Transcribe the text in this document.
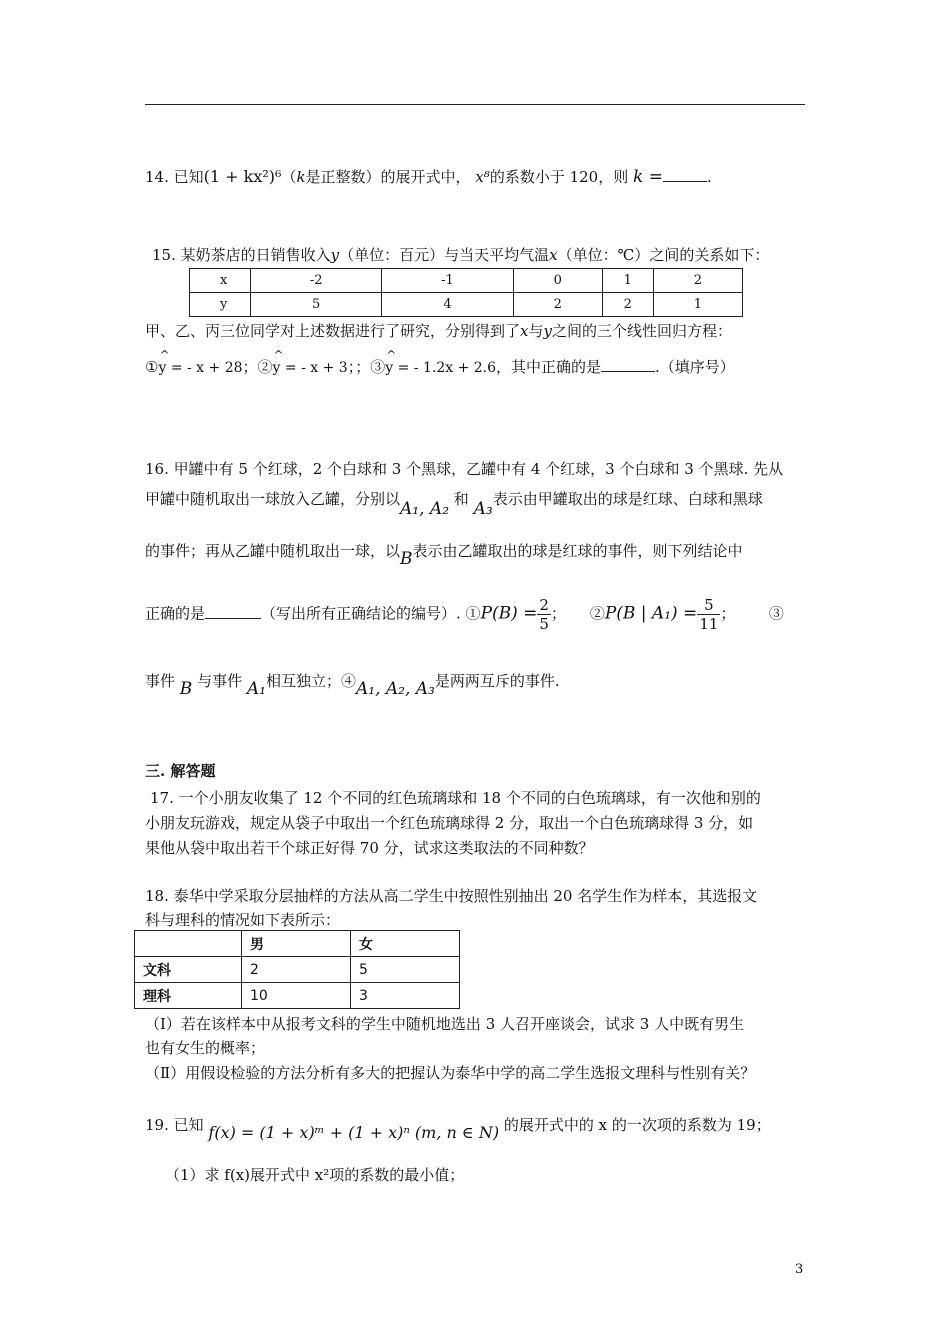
14. 已知(1 + kx²)⁶（k是正整数）的展开式中， x⁸的系数小于 120，则 k =	.
15. 某奶茶店的日销售收入y（单位：百元）与当天平均气温x（单位：℃）之间的关系如下：
x	-2	-1	0	1	2
y	5	4	2	2	1
甲、乙、丙三位同学对上述数据进行了研究，分别得到了x与y之间的三个线性回归方程：
①^ y = - x + 28；②^ y = - x + 3；；③^ y = - 1.2x + 2.6，其中正确的是	.（填序号）
16. 甲罐中有 5 个红球，2 个白球和 3 个黑球，乙罐中有 4 个红球，3 个白球和 3 个黑球. 先从
甲罐中随机取出一球放入乙罐，分别以A₁, A₂ 和 A₃表示由甲罐取出的球是红球、白球和黑球
的事件；再从乙罐中随机取出一球，以B表示由乙罐取出的球是红球的事件，则下列结论中
正确的是	（写出所有正确结论的编号）. ①P(B) = $\frac{2}{5}$ ； ②P(B | $A_1) = \frac{5}{11}$ ； ③
事件 B 与事件 A₁相互独立；④A₁, A₂, A₃是两两互斥的事件.
三. 解答题
17. 一个小朋友收集了 12 个不同的红色琉璃球和 18 个不同的白色琉璃球，有一次他和别的
小朋友玩游戏，规定从袋子中取出一个红色琉璃球得 2 分，取出一个白色琉璃球得 3 分，如
果他从袋中取出若干个球正好得 70 分，试求这类取法的不同种数？
18. 泰华中学采取分层抽样的方法从高二学生中按照性别抽出 20 名学生作为样本，其选报文
科与理科的情况如下表所示：
	男	女
文科	2	5
理科	10	3
（Ⅰ）若在该样本中从报考文科的学生中随机地选出 3 人召开座谈会，试求 3 人中既有男生
也有女生的概率；
（Ⅱ）用假设检验的方法分析有多大的把握认为泰华中学的高二学生选报文理科与性别有关？
19. 已知 f(x) = (1 + x)ᵐ + (1 + x)ⁿ (m, n ∈ N) 的展开式中的 x 的一次项的系数为 19；
（1）求 f(x)展开式中 x²项的系数的最小值；
3
